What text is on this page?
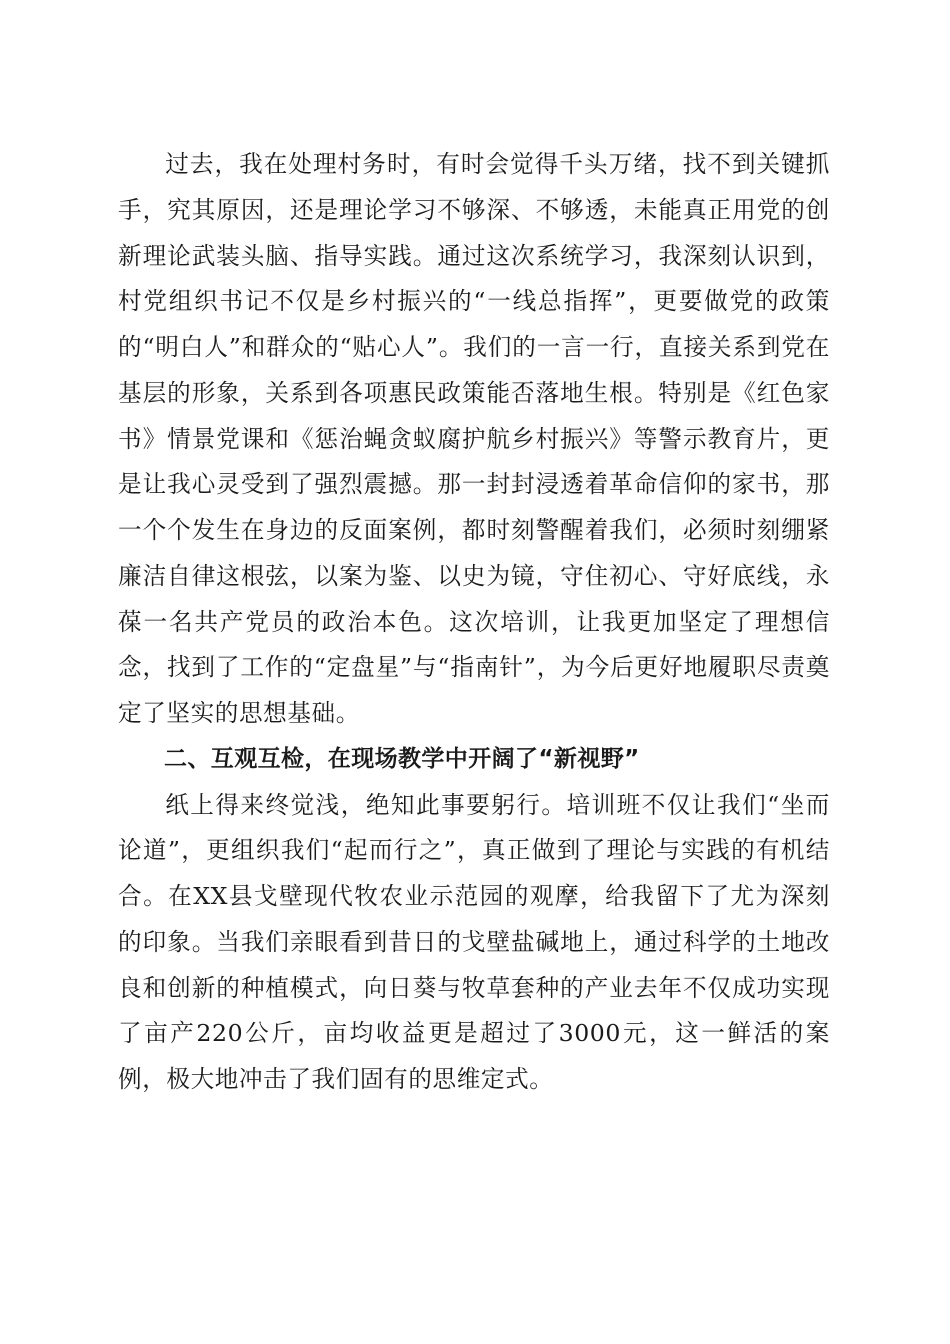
过去，我在处理村务时，有时会觉得千头万绪，找不到关键抓手，究其原因，还是理论学习不够深、不够透，未能真正用党的创新理论武装头脑、指导实践。通过这次系统学习，我深刻认识到，村党组织书记不仅是乡村振兴的“一线总指挥”，更要做党的政策的“明白人”和群众的“贴心人”。我们的一言一行，直接关系到党在基层的形象，关系到各项惠民政策能否落地生根。特别是《红色家书》情景党课和《惩治蝇贪蚁腐护航乡村振兴》等警示教育片，更是让我心灵受到了强烈震撼。那一封封浸透着革命信仰的家书，那一个个发生在身边的反面案例，都时刻警醒着我们，必须时刻绷紧廉洁自律这根弦，以案为鉴、以史为镜，守住初心、守好底线，永葆一名共产党员的政治本色。这次培训，让我更加坚定了理想信念，找到了工作的“定盘星”与“指南针”，为今后更好地履职尽责奠定了坚实的思想基础。

二、互观互检，在现场教学中开阔了“新视野”

纸上得来终觉浅，绝知此事要躬行。培训班不仅让我们“坐而论道”，更组织我们“起而行之”，真正做到了理论与实践的有机结合。在XX县戈壁现代牧农业示范园的观摩，给我留下了尤为深刻的印象。当我们亲眼看到昔日的戈壁盐碱地上，通过科学的土地改良和创新的种植模式，向日葵与牧草套种的产业去年不仅成功实现了亩产220公斤，亩均收益更是超过了3000元，这一鲜活的案例，极大地冲击了我们固有的思维定式。
